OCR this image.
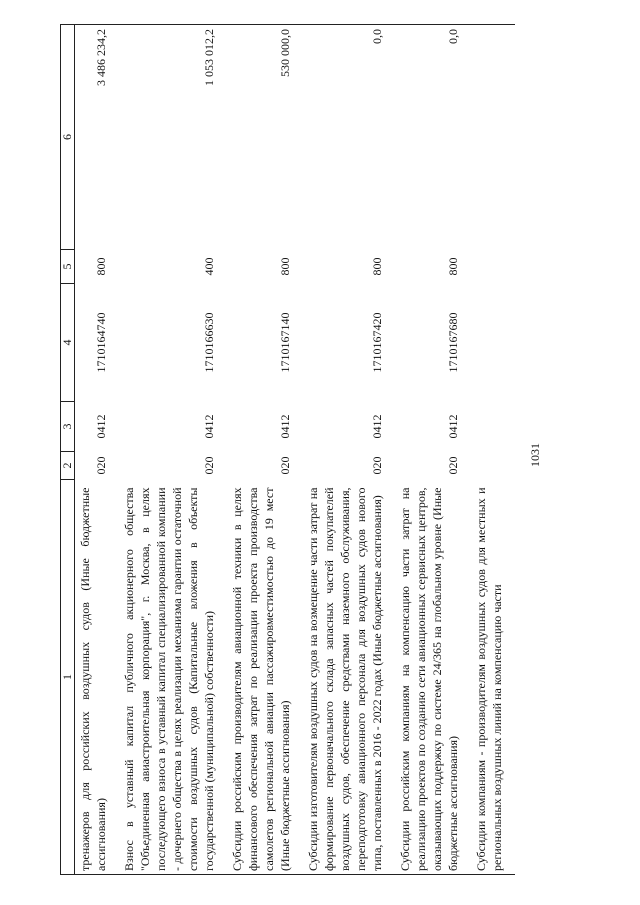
1031
1	2	3	4	5	6
тренажеров для российских воздушных судов (Иные бюджетные ассигнования)	020	0412	1710164740	800	3 486 234,2
Взнос в уставный капитал публичного акционерного общества "Объединенная авиастроительная корпорация", г. Москва, в целях последующего взноса в уставный капитал специализированной компании - дочернего общества в целях реализации механизма гарантии остаточной стоимости воздушных судов (Капитальные вложения в объекты государственной (муниципальной) собственности)	020	0412	1710166630	400	1 053 012,2
Субсидии российским производителям авиационной техники в целях финансового обеспечения затрат по реализации проекта производства самолетов региональной авиации пассажировместимостью до 19 мест (Иные бюджетные ассигнования)	020	0412	1710167140	800	530 000,0
Субсидии изготовителям воздушных судов на возмещение части затрат на формирование первоначального склада запасных частей покупателей воздушных судов, обеспечение средствами наземного обслуживания, переподготовку авиационного персонала для воздушных судов нового типа, поставленных в 2016 - 2022 годах (Иные бюджетные ассигнования)	020	0412	1710167420	800	0,0
Субсидии российским компаниям на компенсацию части затрат на реализацию проектов по созданию сети авиационных сервисных центров, оказывающих поддержку по системе 24/365 на глобальном уровне (Иные бюджетные ассигнования)	020	0412	1710167680	800	0,0
Субсидии компаниям - производителям воздушных судов для местных и региональных воздушных линий на компенсацию части					
